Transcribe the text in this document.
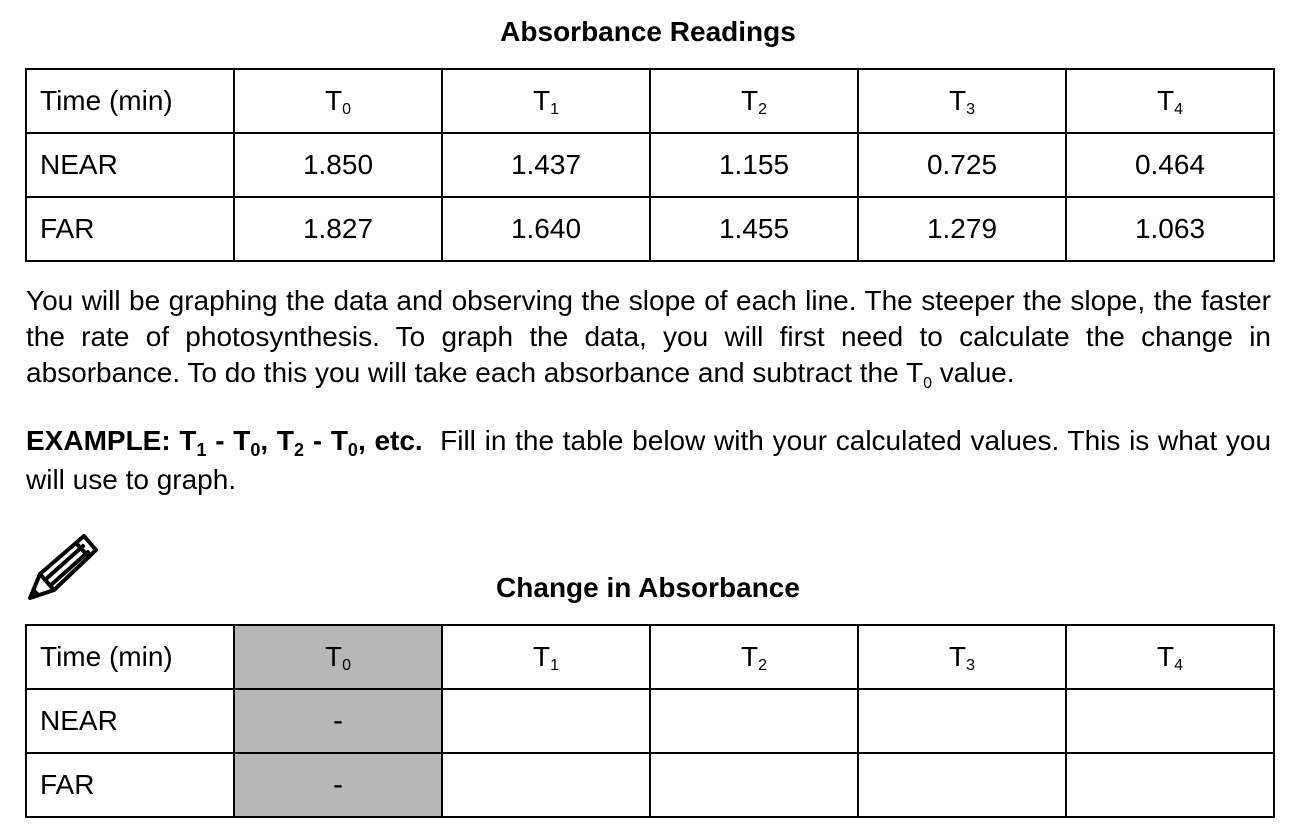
Absorbance Readings
Time (min)	$T_0$	$T_1$	$T_2$	$T_3$	$T_4$
NEAR	1.850	1.437	1.155	0.725	0.464
FAR	1.827	1.640	1.455	1.279	1.063
You will be graphing the data and observing the slope of each line. The steeper the slope, the faster the rate of photosynthesis. To graph the data, you will first need to calculate the change in absorbance. To do this you will take each absorbance and subtract the $T_0$ value.
EXAMPLE: $T_1 - T_0$, $T_2 - T_0$, etc. Fill in the table below with your calculated values. This is what you will use to graph.
Change in Absorbance
Time (min)	$T_0$	$T_1$	$T_2$	$T_3$	$T_4$
NEAR	-				
FAR	-				
